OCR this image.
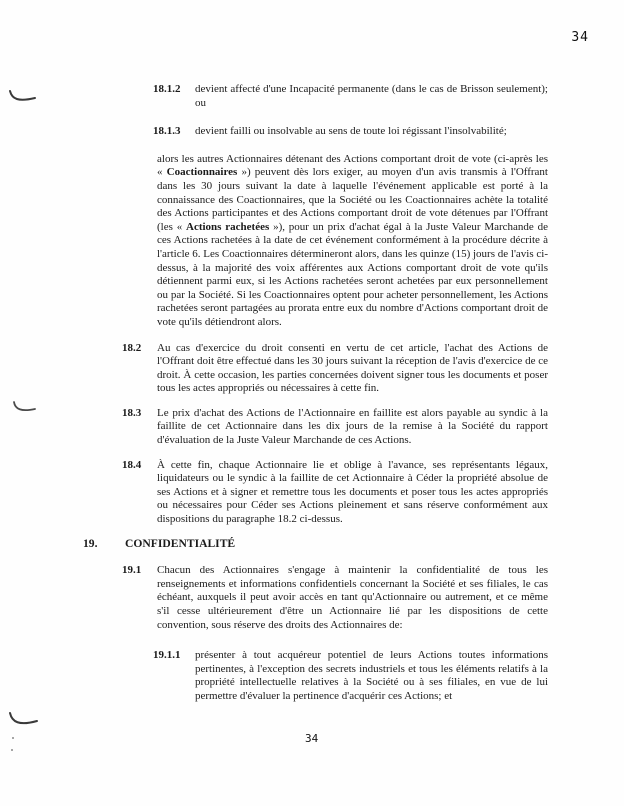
34
18.1.2	devient affecté d'une Incapacité permanente (dans le cas de Brisson seulement); ou
18.1.3	devient failli ou insolvable au sens de toute loi régissant l'insolvabilité;
alors les autres Actionnaires détenant des Actions comportant droit de vote (ci-après les « Coactionnaires ») peuvent dès lors exiger, au moyen d'un avis transmis à l'Offrant dans les 30 jours suivant la date à laquelle l'événement applicable est porté à la connaissance des Coactionnaires, que la Société ou les Coactionnaires achète la totalité des Actions participantes et des Actions comportant droit de vote détenues par l'Offrant (les « Actions rachetées »), pour un prix d'achat égal à la Juste Valeur Marchande de ces Actions rachetées à la date de cet événement conformément à la procédure décrite à l'article 6. Les Coactionnaires détermineront alors, dans les quinze (15) jours de l'avis ci-dessus, à la majorité des voix afférentes aux Actions comportant droit de vote qu'ils détiennent parmi eux, si les Actions rachetées seront achetées par eux personnellement ou par la Société. Si les Coactionnaires optent pour acheter personnellement, les Actions rachetées seront partagées au prorata entre eux du nombre d'Actions comportant droit de vote qu'ils détiendront alors.
18.2	Au cas d'exercice du droit consenti en vertu de cet article, l'achat des Actions de l'Offrant doit être effectué dans les 30 jours suivant la réception de l'avis d'exercice de ce droit. À cette occasion, les parties concernées doivent signer tous les documents et poser tous les actes appropriés ou nécessaires à cette fin.
18.3	Le prix d'achat des Actions de l'Actionnaire en faillite est alors payable au syndic à la faillite de cet Actionnaire dans les dix jours de la remise à la Société du rapport d'évaluation de la Juste Valeur Marchande de ces Actions.
18.4	À cette fin, chaque Actionnaire lie et oblige à l'avance, ses représentants légaux, liquidateurs ou le syndic à la faillite de cet Actionnaire à Céder la propriété absolue de ses Actions et à signer et remettre tous les documents et poser tous les actes appropriés ou nécessaires pour Céder ses Actions pleinement et sans réserve conformément aux dispositions du paragraphe 18.2 ci-dessus.
19.	CONFIDENTIALITÉ
19.1	Chacun des Actionnaires s'engage à maintenir la confidentialité de tous les renseignements et informations confidentiels concernant la Société et ses filiales, le cas échéant, auxquels il peut avoir accès en tant qu'Actionnaire ou autrement, et ce même s'il cesse ultérieurement d'être un Actionnaire lié par les dispositions de cette convention, sous réserve des droits des Actionnaires de:
19.1.1	présenter à tout acquéreur potentiel de leurs Actions toutes informations pertinentes, à l'exception des secrets industriels et tous les éléments relatifs à la propriété intellectuelle relatives à la Société ou à ses filiales, en vue de lui permettre d'évaluer la pertinence d'acquérir ces Actions; et
34
